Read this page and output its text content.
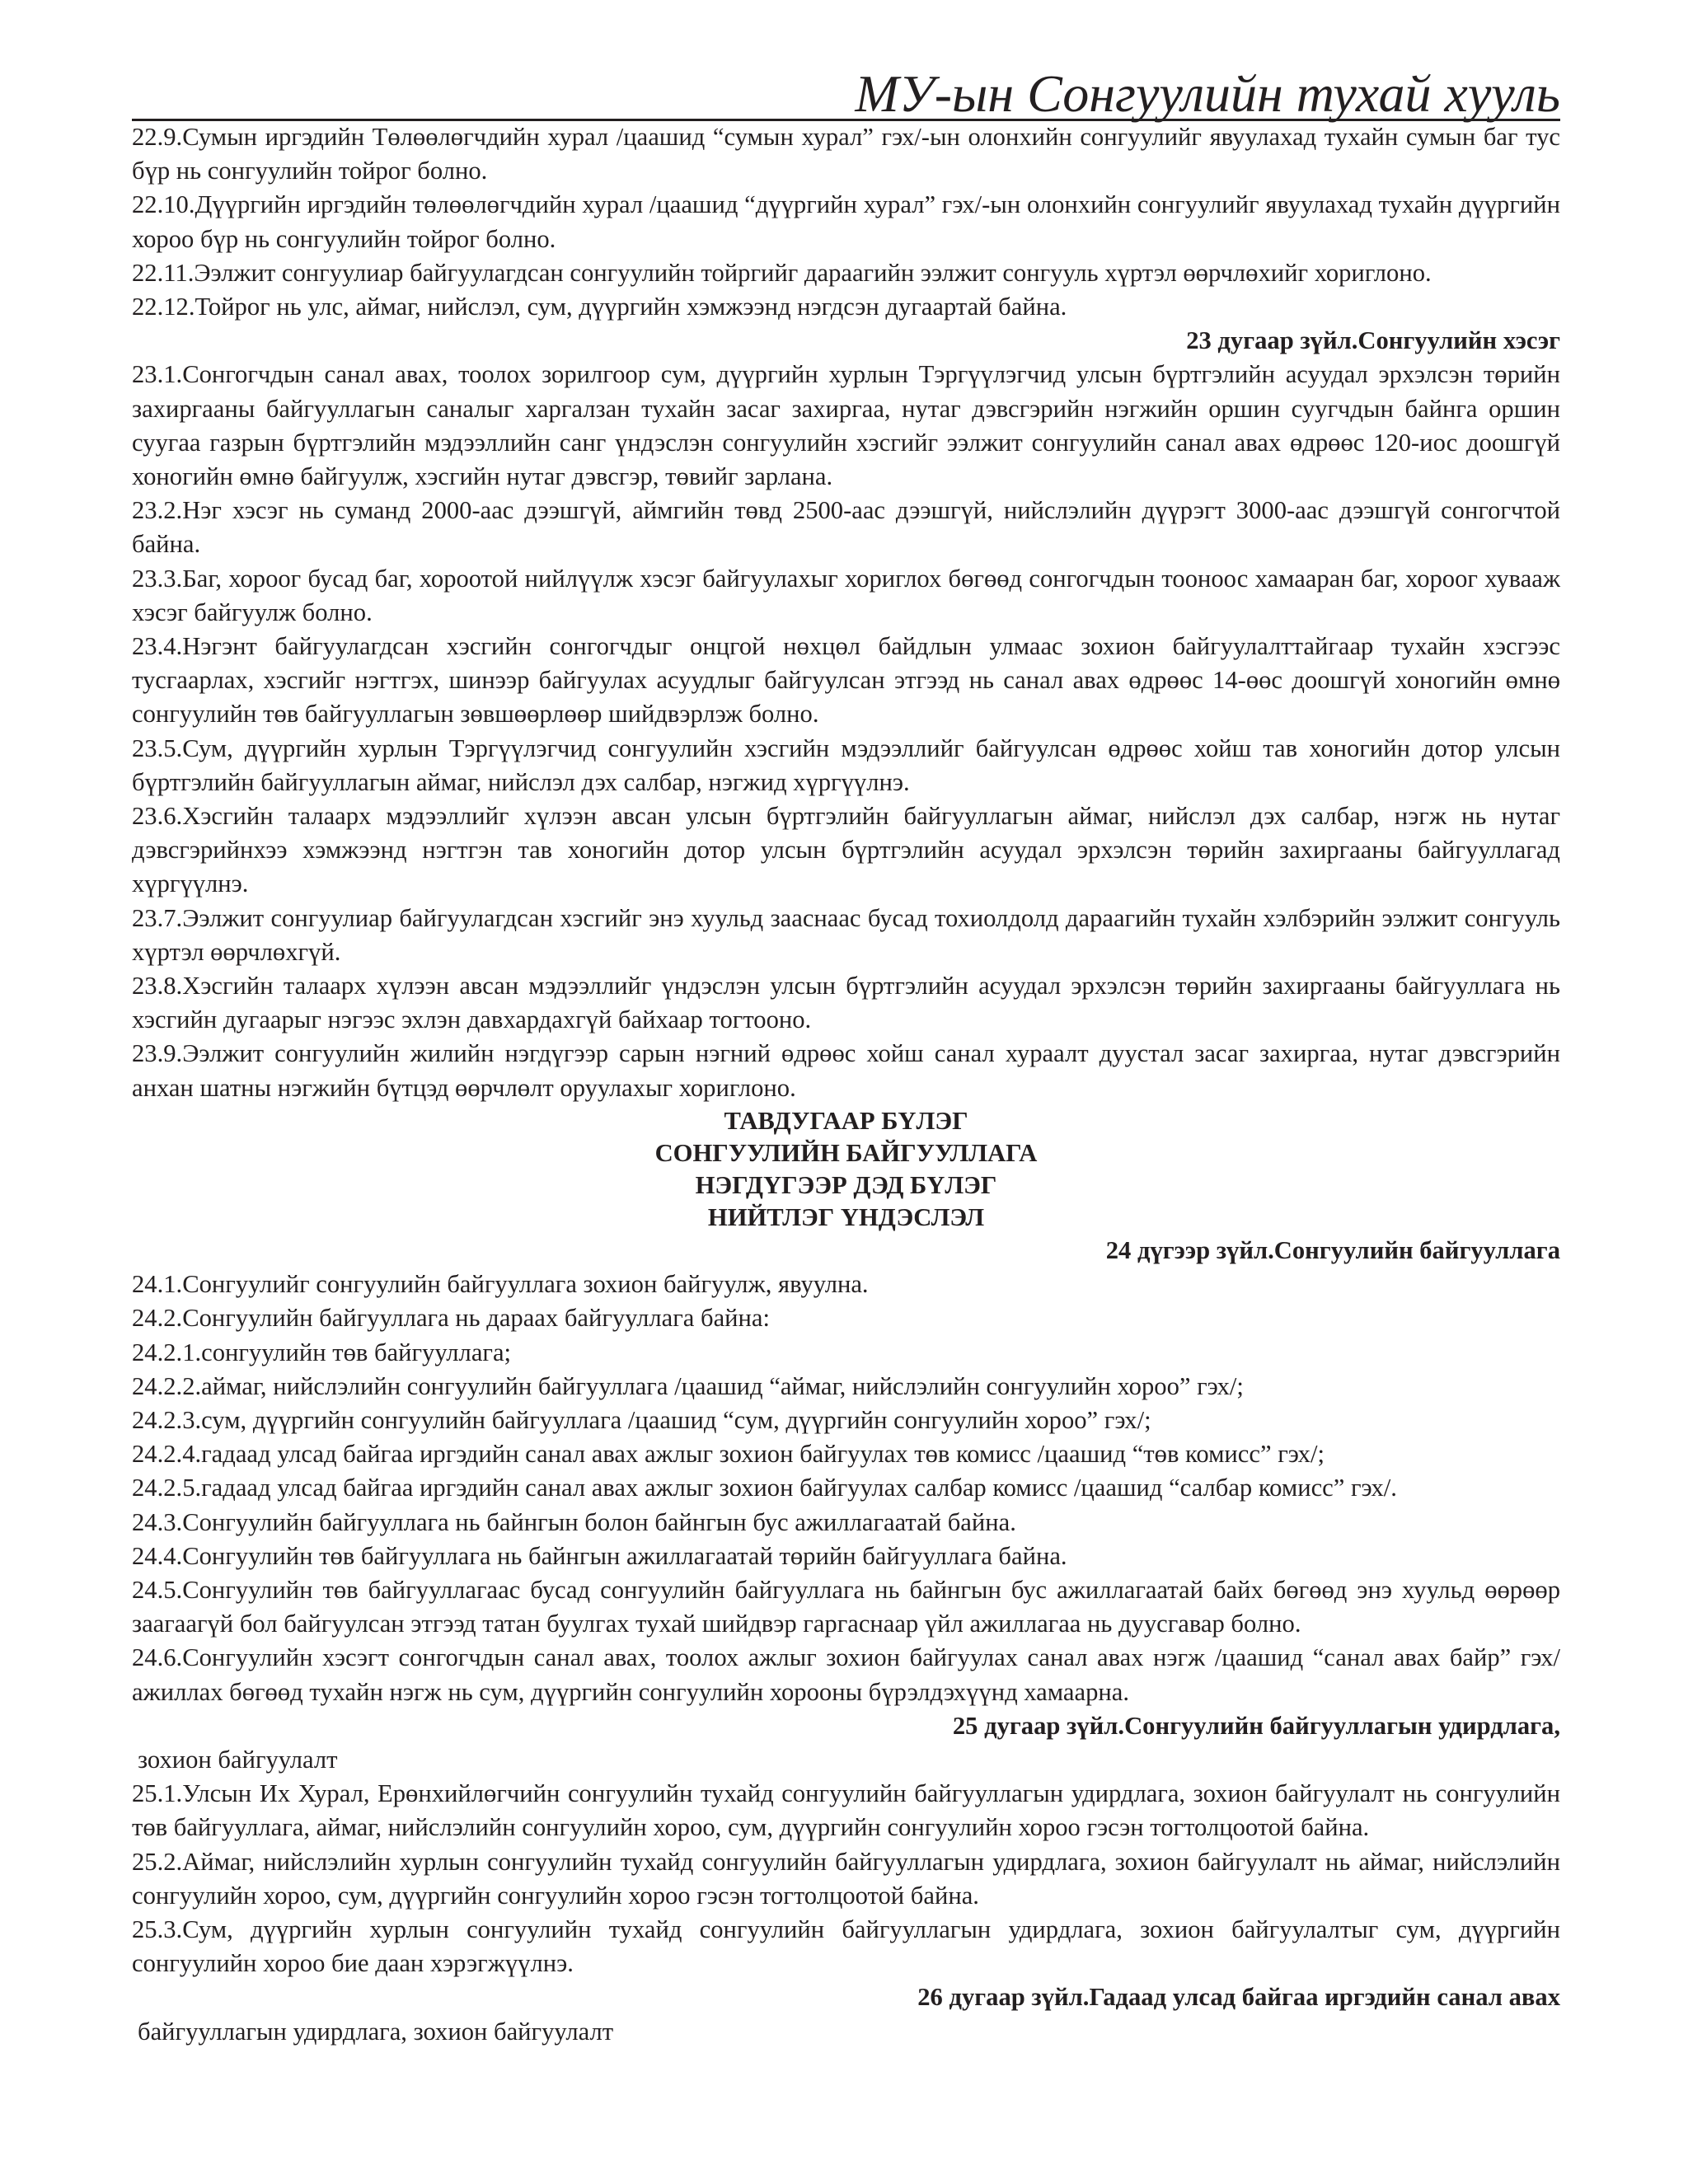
МУ-ын Сонгуулийн тухай хууль
22.9.Сумын иргэдийн Төлөөлөгчдийн хурал /цаашид “сумын хурал” гэх/-ын олонхийн сонгуулийг явуулахад тухайн сумын баг тус бүр нь сонгуулийн тойрог болно.
22.10.Дүүргийн иргэдийн төлөөлөгчдийн хурал /цаашид “дүүргийн хурал” гэх/-ын олонхийн сонгуулийг явуулахад тухайн дүүргийн хороо бүр нь сонгуулийн тойрог болно.
22.11.Ээлжит сонгуулиар байгуулагдсан сонгуулийн тойргийг дараагийн ээлжит сонгууль хүртэл өөрчлөхийг хориглоно.
22.12.Тойрог нь улс, аймаг, нийслэл, сум, дүүргийн хэмжээнд нэгдсэн дугаартай байна.
23 дугаар зүйл.Сонгуулийн хэсэг
23.1.Сонгогчдын санал авах, тоолох зорилгоор сум, дүүргийн хурлын Тэргүүлэгчид улсын бүртгэлийн асуудал эрхэлсэн төрийн захиргааны байгууллагын саналыг харгалзан тухайн засаг захиргаа, нутаг дэвсгэрийн нэгжийн оршин суугчдын байнга оршин суугаа газрын бүртгэлийн мэдээллийн санг үндэслэн сонгуулийн хэсгийг ээлжит сонгуулийн санал авах өдрөөс 120-иос доошгүй хоногийн өмнө байгуулж, хэсгийн нутаг дэвсгэр, төвийг зарлана.
23.2.Нэг хэсэг нь суманд 2000-аас дээшгүй, аймгийн төвд 2500-аас дээшгүй, нийслэлийн дүүрэгт 3000-аас дээшгүй сонгогчтой байна.
23.3.Баг, хороог бусад баг, хороотой нийлүүлж хэсэг байгуулахыг хориглох бөгөөд сонгогчдын тооноос хамааран баг, хороог хувааж хэсэг байгуулж болно.
23.4.Нэгэнт байгуулагдсан хэсгийн сонгогчдыг онцгой нөхцөл байдлын улмаас зохион байгуулалттайгаар тухайн хэсгээс тусгаарлах, хэсгийг нэгтгэх, шинээр байгуулах асуудлыг байгуулсан этгээд нь санал авах өдрөөс 14-өөс доошгүй хоногийн өмнө сонгуулийн төв байгууллагын зөвшөөрлөөр шийдвэрлэж болно.
23.5.Сум, дүүргийн хурлын Тэргүүлэгчид сонгуулийн хэсгийн мэдээллийг байгуулсан өдрөөс хойш тав хоногийн дотор улсын бүртгэлийн байгууллагын аймаг, нийслэл дэх салбар, нэгжид хүргүүлнэ.
23.6.Хэсгийн талаарх мэдээллийг хүлээн авсан улсын бүртгэлийн байгууллагын аймаг, нийслэл дэх салбар, нэгж нь нутаг дэвсгэрийнхээ хэмжээнд нэгтгэн тав хоногийн дотор улсын бүртгэлийн асуудал эрхэлсэн төрийн захиргааны байгууллагад хүргүүлнэ.
23.7.Ээлжит сонгуулиар байгуулагдсан хэсгийг энэ хуульд зааснаас бусад тохиолдолд дараагийн тухайн хэлбэрийн ээлжит сонгууль хүртэл өөрчлөхгүй.
23.8.Хэсгийн талаарх хүлээн авсан мэдээллийг үндэслэн улсын бүртгэлийн асуудал эрхэлсэн төрийн захиргааны байгууллага нь хэсгийн дугаарыг нэгээс эхлэн давхардахгүй байхаар тогтооно.
23.9.Ээлжит сонгуулийн жилийн нэгдүгээр сарын нэгний өдрөөс хойш санал хураалт дуустал засаг захиргаа, нутаг дэвсгэрийн анхан шатны нэгжийн бүтцэд өөрчлөлт оруулахыг хориглоно.
ТАВДУГААР БҮЛЭГ
СОНГУУЛИЙН БАЙГУУЛЛАГА
НЭГДҮГЭЭР ДЭД БҮЛЭГ
НИЙТЛЭГ ҮНДЭСЛЭЛ
24 дүгээр зүйл.Сонгуулийн байгууллага
24.1.Сонгуулийг сонгуулийн байгууллага зохион байгуулж, явуулна.
24.2.Сонгуулийн байгууллага нь дараах байгууллага байна:
24.2.1.сонгуулийн төв байгууллага;
24.2.2.аймаг, нийслэлийн сонгуулийн байгууллага /цаашид “аймаг, нийслэлийн сонгуулийн хороо” гэх/;
24.2.3.сум, дүүргийн сонгуулийн байгууллага /цаашид “сум, дүүргийн сонгуулийн хороо” гэх/;
24.2.4.гадаад улсад байгаа иргэдийн санал авах ажлыг зохион байгуулах төв комисс /цаашид “төв комисс” гэх/;
24.2.5.гадаад улсад байгаа иргэдийн санал авах ажлыг зохион байгуулах салбар комисс /цаашид “салбар комисс” гэх/.
24.3.Сонгуулийн байгууллага нь байнгын болон байнгын бус ажиллагаатай байна.
24.4.Сонгуулийн төв байгууллага нь байнгын ажиллагаатай төрийн байгууллага байна.
24.5.Сонгуулийн төв байгууллагаас бусад сонгуулийн байгууллага нь байнгын бус ажиллагаатай байх бөгөөд энэ хуульд өөрөөр заагаагүй бол байгуулсан этгээд татан буулгах тухай шийдвэр гаргаснаар үйл ажиллагаа нь дуусгавар болно.
24.6.Сонгуулийн хэсэгт сонгогчдын санал авах, тоолох ажлыг зохион байгуулах санал авах нэгж /цаашид “санал авах байр” гэх/ ажиллах бөгөөд тухайн нэгж нь сум, дүүргийн сонгуулийн хорооны бүрэлдэхүүнд хамаарна.
25 дугаар зүйл.Сонгуулийн байгууллагын удирдлага,
зохион байгуулалт
25.1.Улсын Их Хурал, Ерөнхийлөгчийн сонгуулийн тухайд сонгуулийн байгууллагын удирдлага, зохион байгуулалт нь сонгуулийн төв байгууллага, аймаг, нийслэлийн сонгуулийн хороо, сум, дүүргийн сонгуулийн хороо гэсэн тогтолцоотой байна.
25.2.Аймаг, нийслэлийн хурлын сонгуулийн тухайд сонгуулийн байгууллагын удирдлага, зохион байгуулалт нь аймаг, нийслэлийн сонгуулийн хороо, сум, дүүргийн сонгуулийн хороо гэсэн тогтолцоотой байна.
25.3.Сум, дүүргийн хурлын сонгуулийн тухайд сонгуулийн байгууллагын удирдлага, зохион байгуулалтыг сум, дүүргийн сонгуулийн хороо бие даан хэрэгжүүлнэ.
26 дугаар зүйл.Гадаад улсад байгаа иргэдийн санал авах
байгууллагын удирдлага, зохион байгуулалт
